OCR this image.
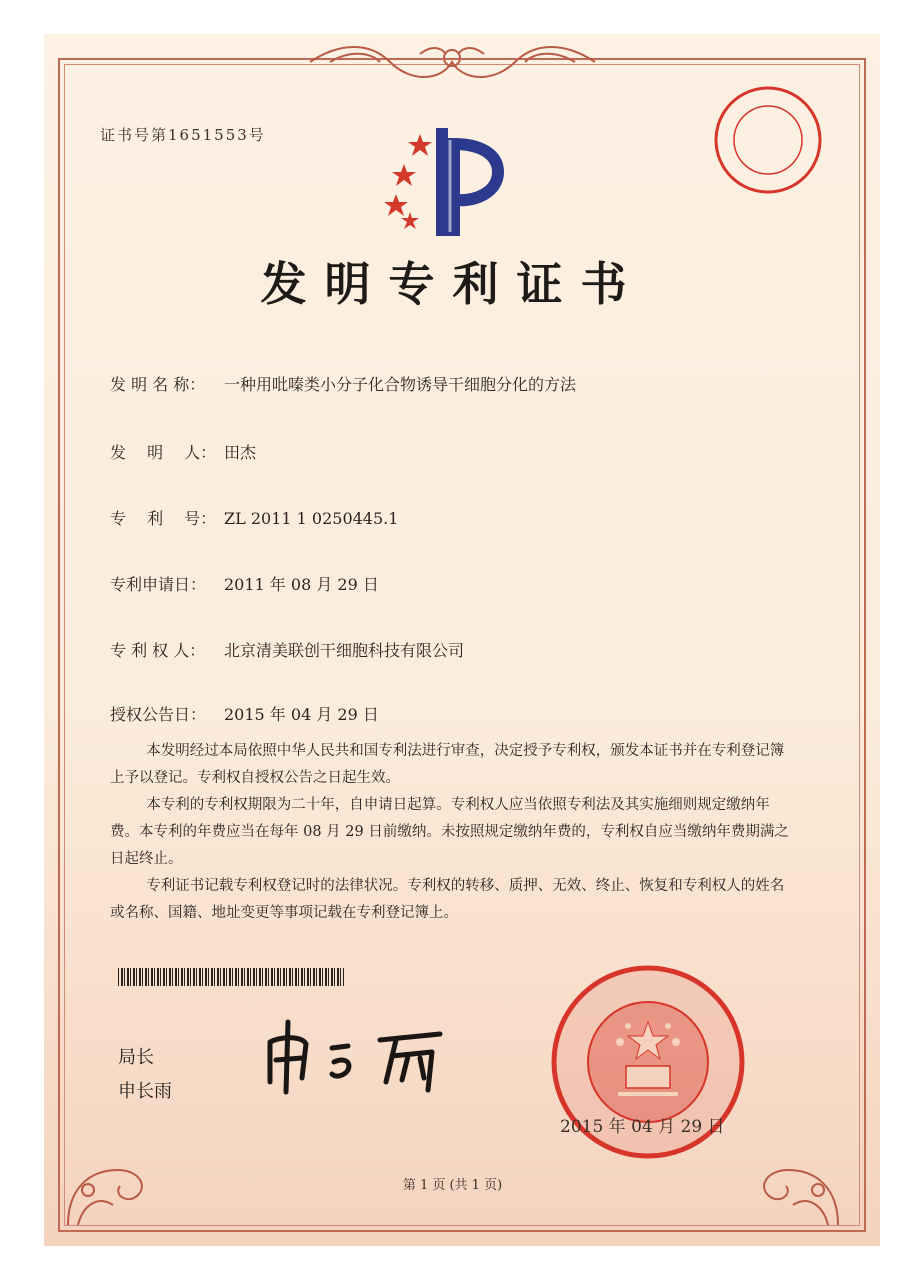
证书号第1651553号
发明专利证书
发 明 名 称： 一种用吡嗪类小分子化合物诱导干细胞分化的方法
发　 明　 人： 田杰
专　 利　 号： ZL 2011 1 0250445.1
专利申请日： 2011 年 08 月 29 日
专 利 权 人： 北京清美联创干细胞科技有限公司
授权公告日： 2015 年 04 月 29 日

本发明经过本局依照中华人民共和国专利法进行审查，决定授予专利权，颁发本证书并在专利登记簿上予以登记。专利权自授权公告之日起生效。

本专利的专利权期限为二十年，自申请日起算。专利权人应当依照专利法及其实施细则规定缴纳年费。本专利的年费应当在每年 08 月 29 日前缴纳。未按照规定缴纳年费的，专利权自应当缴纳年费期满之日起终止。

专利证书记载专利权登记时的法律状况。专利权的转移、质押、无效、终止、恢复和专利权人的姓名或名称、国籍、地址变更等事项记载在专利登记簿上。

局长
申长雨
2015 年 04 月 29 日
第 1 页 (共 1 页)
